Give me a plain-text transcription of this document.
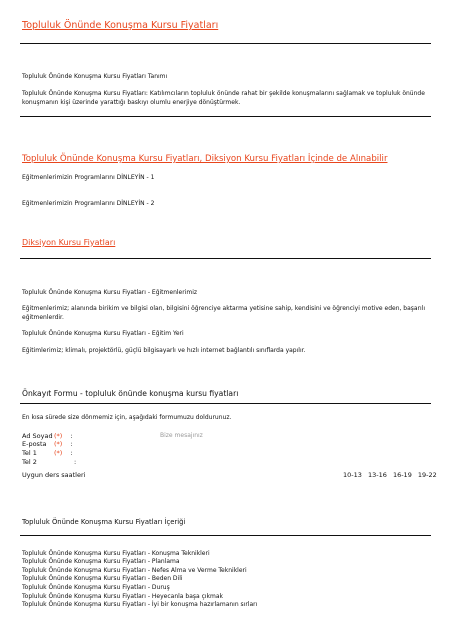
Topluluk Önünde Konuşma Kursu Fiyatları
Topluluk Önünde Konuşma Kursu Fiyatları Tanımı
Topluluk Önünde Konuşma Kursu Fiyatları: Katılımcıların topluluk önünde rahat bir şekilde konuşmalarını sağlamak ve topluluk önünde konuşmanın kişi üzerinde yarattığı baskıyı olumlu enerjiye dönüştürmek.
Topluluk Önünde Konuşma Kursu Fiyatları, Diksiyon Kursu Fiyatları İçinde de Alınabilir
Eğitmenlerimizin Programlarını DİNLEYİN - 1
Eğitmenlerimizin Programlarını DİNLEYİN - 2
Diksiyon Kursu Fiyatları
Topluluk Önünde Konuşma Kursu Fiyatları - Eğitmenlerimiz
Eğitmenlerimiz; alanında birikim ve bilgisi olan, bilgisini öğrenciye aktarma yetisine sahip, kendisini ve öğrenciyi motive eden, başarılı eğitmenlerdir.
Topluluk Önünde Konuşma Kursu Fiyatları - Eğitim Yeri
Eğitimlerimiz; klimalı, projektörlü, güçlü bilgisayarlı ve hızlı internet bağlantılı sınıflarda yapılır.
Önkayıt Formu - topluluk önünde konuşma kursu fiyatları
En kısa sürede size dönmemiz için, aşağıdaki formumuzu doldurunuz.
Ad Soyad(*) :
E-posta (*) :
Tel 1	(*) :
Tel 2	:
Bize mesajınız
Uygun ders saatleri	10-13 13-16 16-19 19-22
Topluluk Önünde Konuşma Kursu Fiyatları İçeriği
Topluluk Önünde Konuşma Kursu Fiyatları - Konuşma Teknikleri
Topluluk Önünde Konuşma Kursu Fiyatları - Planlama
Topluluk Önünde Konuşma Kursu Fiyatları - Nefes Alma ve Verme Teknikleri
Topluluk Önünde Konuşma Kursu Fiyatları - Beden Dili
Topluluk Önünde Konuşma Kursu Fiyatları - Duruş
Topluluk Önünde Konuşma Kursu Fiyatları - Heyecanla başa çıkmak
Topluluk Önünde Konuşma Kursu Fiyatları - İyi bir konuşma hazırlamanın sırları
